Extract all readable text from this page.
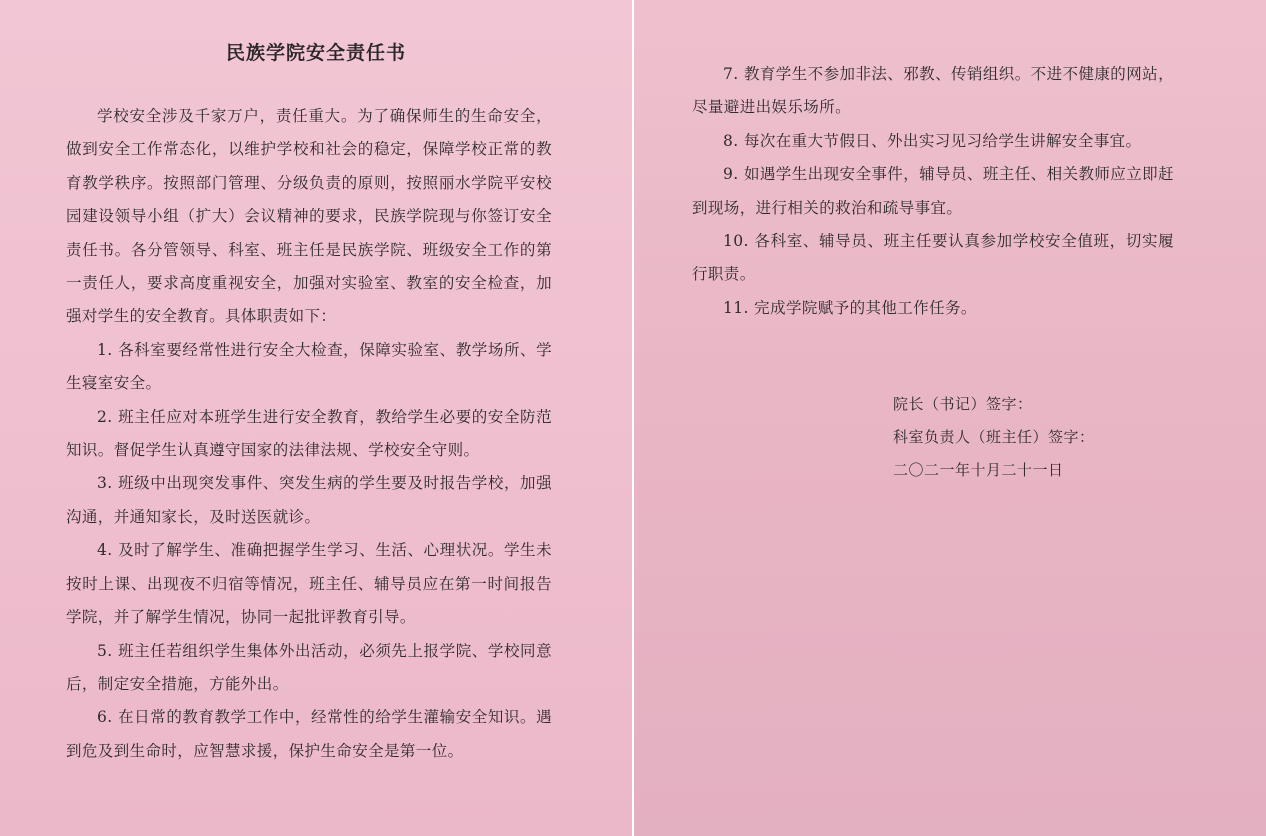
民族学院安全责任书

学校安全涉及千家万户，责任重大。为了确保师生的生命安全，做到安全工作常态化，以维护学校和社会的稳定，保障学校正常的教育教学秩序。按照部门管理、分级负责的原则，按照丽水学院平安校园建设领导小组（扩大）会议精神的要求，民族学院现与你签订安全责任书。各分管领导、科室、班主任是民族学院、班级安全工作的第一责任人，要求高度重视安全，加强对实验室、教室的安全检查，加强对学生的安全教育。具体职责如下：

1. 各科室要经常性进行安全大检查，保障实验室、教学场所、学生寝室安全。

2. 班主任应对本班学生进行安全教育，教给学生必要的安全防范知识。督促学生认真遵守国家的法律法规、学校安全守则。

3. 班级中出现突发事件、突发生病的学生要及时报告学校，加强沟通，并通知家长，及时送医就诊。

4. 及时了解学生、准确把握学生学习、生活、心理状况。学生未按时上课、出现夜不归宿等情况，班主任、辅导员应在第一时间报告学院，并了解学生情况，协同一起批评教育引导。

5. 班主任若组织学生集体外出活动，必须先上报学院、学校同意后，制定安全措施，方能外出。

6. 在日常的教育教学工作中，经常性的给学生灌输安全知识。遇到危及到生命时，应智慧求援，保护生命安全是第一位。

7. 教育学生不参加非法、邪教、传销组织。不进不健康的网站，尽量避进出娱乐场所。

8. 每次在重大节假日、外出实习见习给学生讲解安全事宜。

9. 如遇学生出现安全事件，辅导员、班主任、相关教师应立即赶到现场，进行相关的救治和疏导事宜。

10. 各科室、辅导员、班主任要认真参加学校安全值班，切实履行职责。

11. 完成学院赋予的其他工作任务。

院长（书记）签字：
科室负责人（班主任）签字：
二〇二一年十月二十一日
